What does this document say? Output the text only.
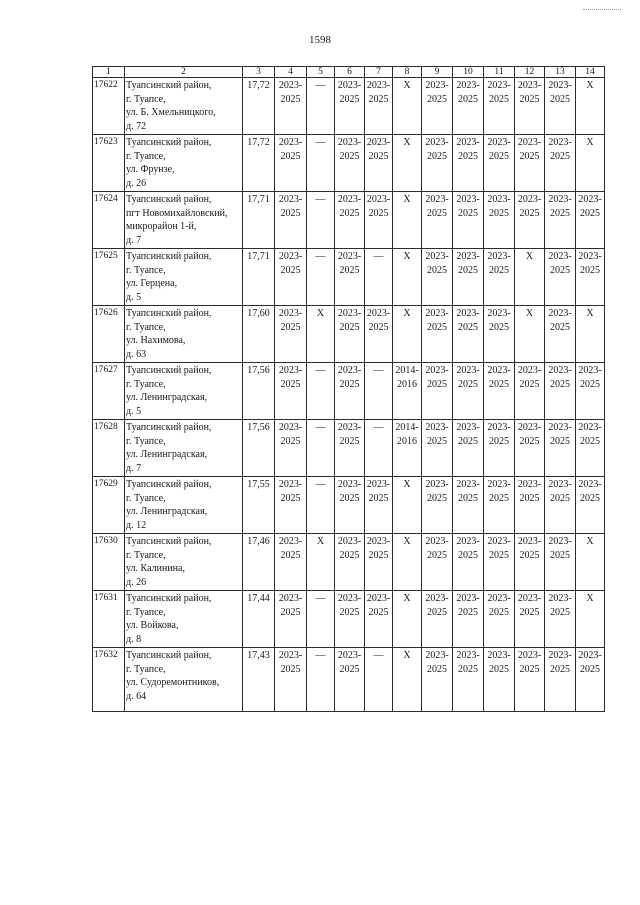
1598
1	2	3	4	5	6	7	8	9	10	11	12	13	14
17622	Туапсинский район,
г. Туапсе,
ул. Б. Хмельницкого,
д. 72	17,72	2023-
2025	—	2023-
2025	2023-
2025	X	2023-
2025	2023-
2025	2023-
2025	2023-
2025	2023-
2025	X

17623	Туапсинский район,
г. Туапсе,
ул. Фрунзе,
д. 26	17,72	2023-
2025	—	2023-
2025	2023-
2025	X	2023-
2025	2023-
2025	2023-
2025	2023-
2025	2023-
2025	X

17624	Туапсинский район,
пгт Новомихайловский,
микрорайон 1-й,
д. 7	17,71	2023-
2025	—	2023-
2025	2023-
2025	X	2023-
2025	2023-
2025	2023-
2025	2023-
2025	2023-
2025	2023-
2025

17625	Туапсинский район,
г. Туапсе,
ул. Герцена,
д. 5	17,71	2023-
2025	—	2023-
2025	—	X	2023-
2025	2023-
2025	2023-
2025	X	2023-
2025	2023-
2025

17626	Туапсинский район,
г. Туапсе,
ул. Нахимова,
д. 63	17,60	2023-
2025	X	2023-
2025	2023-
2025	X	2023-
2025	2023-
2025	2023-
2025	X	2023-
2025	X

17627	Туапсинский район,
г. Туапсе,
ул. Ленинградская,
д. 5	17,56	2023-
2025	—	2023-
2025	—	2014-
2016	2023-
2025	2023-
2025	2023-
2025	2023-
2025	2023-
2025	2023-
2025

17628	Туапсинский район,
г. Туапсе,
ул. Ленинградская,
д. 7	17,56	2023-
2025	—	2023-
2025	—	2014-
2016	2023-
2025	2023-
2025	2023-
2025	2023-
2025	2023-
2025	2023-
2025

17629	Туапсинский район,
г. Туапсе,
ул. Ленинградская,
д. 12	17,55	2023-
2025	—	2023-
2025	2023-
2025	X	2023-
2025	2023-
2025	2023-
2025	2023-
2025	2023-
2025	2023-
2025

17630	Туапсинский район,
г. Туапсе,
ул. Калинина,
д. 26	17,46	2023-
2025	X	2023-
2025	2023-
2025	X	2023-
2025	2023-
2025	2023-
2025	2023-
2025	2023-
2025	X

17631	Туапсинский район,
г. Туапсе,
ул. Войкова,
д. 8	17,44	2023-
2025	—	2023-
2025	2023-
2025	X	2023-
2025	2023-
2025	2023-
2025	2023-
2025	2023-
2025	X

17632	Туапсинский район,
г. Туапсе,
ул. Судоремонтников,
д. 64	17,43	2023-
2025	—	2023-
2025	—	X	2023-
2025	2023-
2025	2023-
2025	2023-
2025	2023-
2025	2023-
2025
